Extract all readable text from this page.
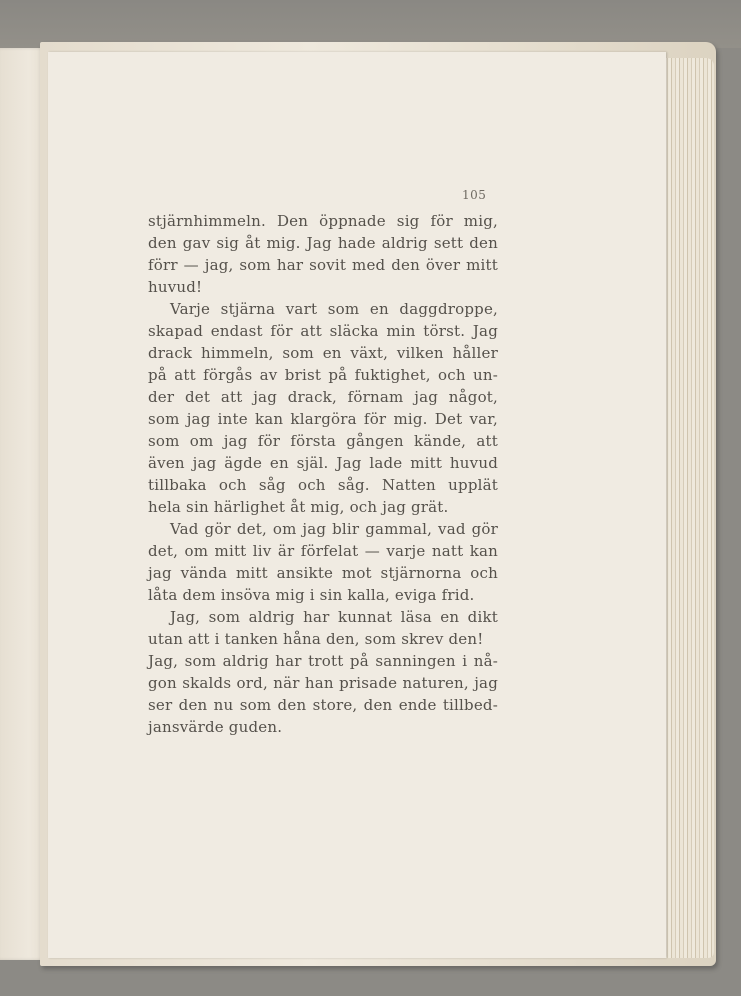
105
stjärnhimmeln. Den öppnade sig för mig,
den gav sig åt mig. Jag hade aldrig sett den
förr — jag, som har sovit med den över mitt
huvud!
Varje stjärna vart som en daggdroppe,
skapad endast för att släcka min törst. Jag
drack himmeln, som en växt, vilken håller
på att förgås av brist på fuktighet, och un-
der det att jag drack, förnam jag något,
som jag inte kan klargöra för mig. Det var,
som om jag för första gången kände, att
även jag ägde en själ. Jag lade mitt huvud
tillbaka och såg och såg. Natten upplät
hela sin härlighet åt mig, och jag grät.
Vad gör det, om jag blir gammal, vad gör
det, om mitt liv är förfelat — varje natt kan
jag vända mitt ansikte mot stjärnorna och
låta dem insöva mig i sin kalla, eviga frid.
Jag, som aldrig har kunnat läsa en dikt
utan att i tanken håna den, som skrev den!
Jag, som aldrig har trott på sanningen i nå-
gon skalds ord, när han prisade naturen, jag
ser den nu som den store, den ende tillbed-
jansvärde guden.
